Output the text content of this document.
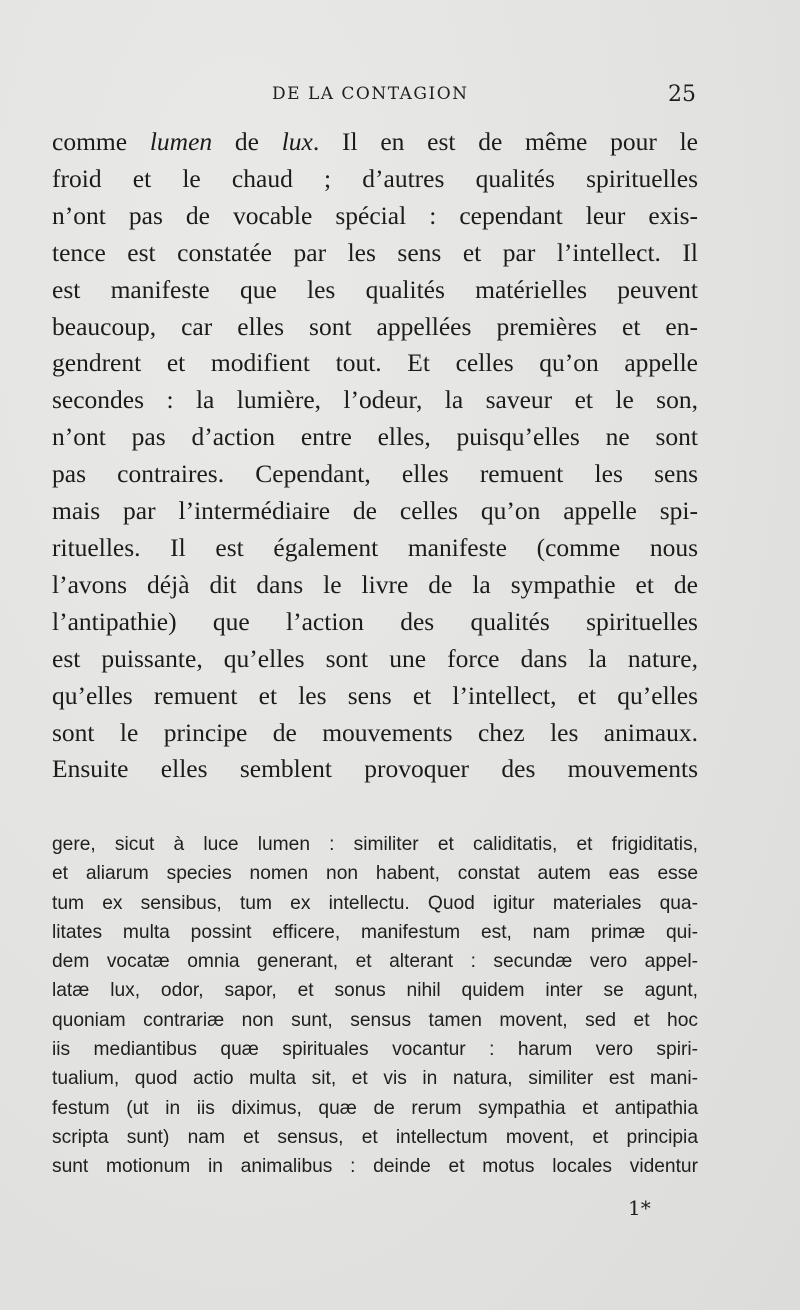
DE LA CONTAGION	25
comme lumen de lux. Il en est de même pour le
froid et le chaud ; d’autres qualités spirituelles
n’ont pas de vocable spécial : cependant leur exis-
tence est constatée par les sens et par l’intellect. Il
est manifeste que les qualités matérielles peuvent
beaucoup, car elles sont appellées premières et en-
gendrent et modifient tout. Et celles qu’on appelle
secondes : la lumière, l’odeur, la saveur et le son,
n’ont pas d’action entre elles, puisqu’elles ne sont
pas contraires. Cependant, elles remuent les sens
mais par l’intermédiaire de celles qu’on appelle spi-
rituelles. Il est également manifeste (comme nous
l’avons déjà dit dans le livre de la sympathie et de
l’antipathie) que l’action des qualités spirituelles
est puissante, qu’elles sont une force dans la nature,
qu’elles remuent et les sens et l’intellect, et qu’elles
sont le principe de mouvements chez les animaux.
Ensuite elles semblent provoquer des mouvements
gere, sicut à luce lumen : similiter et caliditatis, et frigiditatis,
et aliarum species nomen non habent, constat autem eas esse
tum ex sensibus, tum ex intellectu. Quod igitur materiales qua-
litates multa possint efficere, manifestum est, nam primæ qui-
dem vocatæ omnia generant, et alterant : secundæ vero appel-
latæ lux, odor, sapor, et sonus nihil quidem inter se agunt,
quoniam contrariæ non sunt, sensus tamen movent, sed et hoc
iis mediantibus quæ spirituales vocantur : harum vero spiri-
tualium, quod actio multa sit, et vis in natura, similiter est mani-
festum (ut in iis diximus, quæ de rerum sympathia et antipathia
scripta sunt) nam et sensus, et intellectum movent, et principia
sunt motionum in animalibus : deinde et motus locales videntur
1*
